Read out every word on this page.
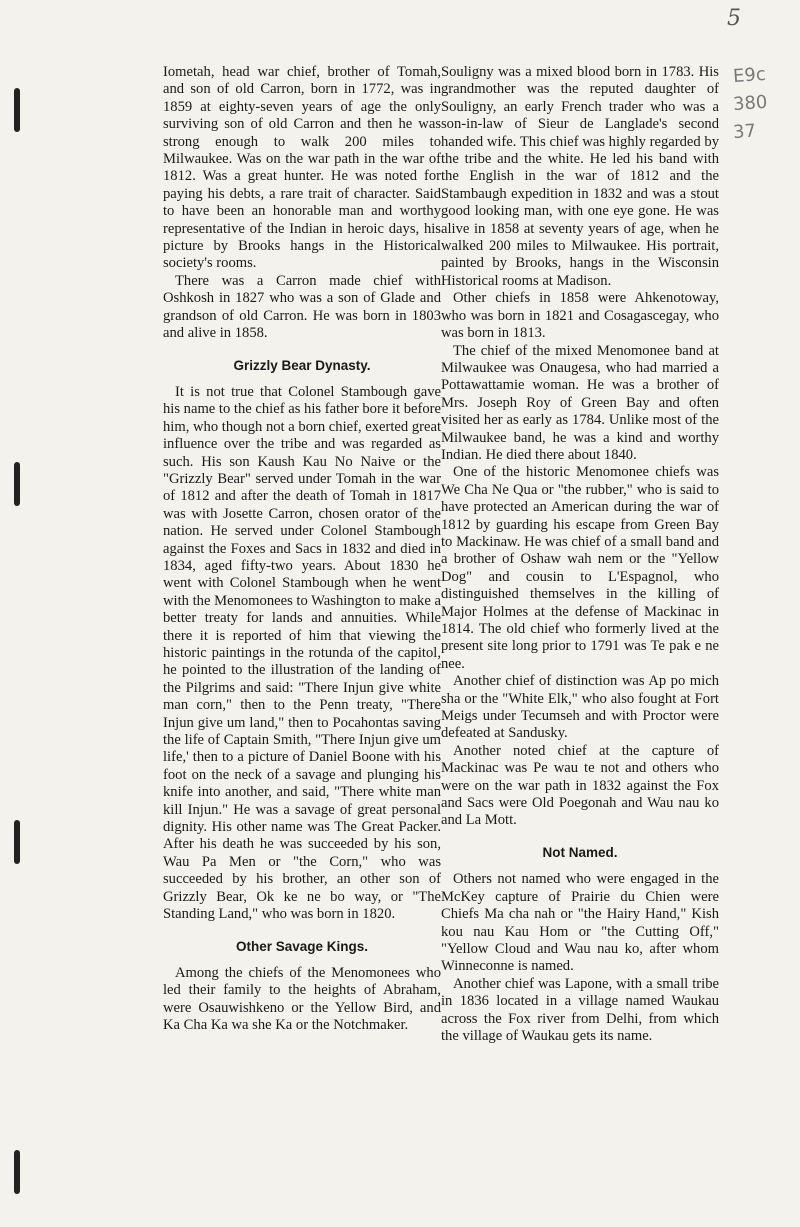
5
E9c
380
37

Iometah, head war chief, brother of Tomah, and son of old Carron, born in 1772, was in 1859 at eighty-seven years of age the only surviving son of old Carron and then he was strong enough to walk 200 miles to Milwaukee. Was on the war path in the war of 1812. Was a great hunter. He was noted for paying his debts, a rare trait of character. Said to have been an honorable man and worthy representative of the Indian in heroic days, his picture by Brooks hangs in the Historical society's rooms.

There was a Carron made chief with Oshkosh in 1827 who was a son of Glade and grandson of old Carron. He was born in 1803 and alive in 1858.

Grizzly Bear Dynasty.

It is not true that Colonel Stambough gave his name to the chief as his father bore it before him, who though not a born chief, exerted great influence over the tribe and was regarded as such. His son Kaush Kau No Naive or the "Grizzly Bear" served under Tomah in the war of 1812 and after the death of Tomah in 1817 was with Josette Carron, chosen orator of the nation. He served under Colonel Stambough against the Foxes and Sacs in 1832 and died in 1834, aged fifty-two years. About 1830 he went with Colonel Stambough when he went with the Menomonees to Washington to make a better treaty for lands and annuities. While there it is reported of him that viewing the historic paintings in the rotunda of the capitol, he pointed to the illustration of the landing of the Pilgrims and said: "There Injun give white man corn," then to the Penn treaty, "There Injun give um land," then to Pocahontas saving the life of Captain Smith, "There Injun give um life,' then to a picture of Daniel Boone with his foot on the neck of a savage and plunging his knife into another, and said, "There white man kill Injun." He was a savage of great personal dignity. His other name was The Great Packer. After his death he was succeeded by his son, Wau Pa Men or "the Corn," who was succeeded by his brother, an other son of Grizzly Bear, Ok ke ne bo way, or "The Standing Land," who was born in 1820.

Other Savage Kings.

Among the chiefs of the Menomonees who led their family to the heights of Abraham, were Osauwishkeno or the Yellow Bird, and Ka Cha Ka wa she Ka or the Notchmaker.

Souligny was a mixed blood born in 1783. His grandmother was the reputed daughter of Souligny, an early French trader who was a son-in-law of Sieur de Langlade's second handed wife. This chief was highly regarded by the tribe and the white. He led his band with the English in the war of 1812 and the Stambaugh expedition in 1832 and was a stout good looking man, with one eye gone. He was alive in 1858 at seventy years of age, when he walked 200 miles to Milwaukee. His portrait, painted by Brooks, hangs in the Wisconsin Historical rooms at Madison.

Other chiefs in 1858 were Ahkenotoway, who was born in 1821 and Cosagascegay, who was born in 1813.

The chief of the mixed Menomonee band at Milwaukee was Onaugesa, who had married a Pottawattamie woman. He was a brother of Mrs. Joseph Roy of Green Bay and often visited her as early as 1784. Unlike most of the Milwaukee band, he was a kind and worthy Indian. He died there about 1840.

One of the historic Menomonee chiefs was We Cha Ne Qua or "the rubber," who is said to have protected an American during the war of 1812 by guarding his escape from Green Bay to Mackinaw. He was chief of a small band and a brother of Oshaw wah nem or the "Yellow Dog" and cousin to L'Espagnol, who distinguished themselves in the killing of Major Holmes at the defense of Mackinac in 1814. The old chief who formerly lived at the present site long prior to 1791 was Te pak e ne nee.

Another chief of distinction was Ap po mich sha or the "White Elk," who also fought at Fort Meigs under Tecumseh and with Proctor were defeated at Sandusky.

Another noted chief at the capture of Mackinac was Pe wau te not and others who were on the war path in 1832 against the Fox and Sacs were Old Poegonah and Wau nau ko and La Mott.

Not Named.

Others not named who were engaged in the McKey capture of Prairie du Chien were Chiefs Ma cha nah or "the Hairy Hand," Kish kou nau Kau Hom or "the Cutting Off," "Yellow Cloud and Wau nau ko, after whom Winneconne is named.

Another chief was Lapone, with a small tribe in 1836 located in a village named Waukau across the Fox river from Delhi, from which the village of Waukau gets its name.
